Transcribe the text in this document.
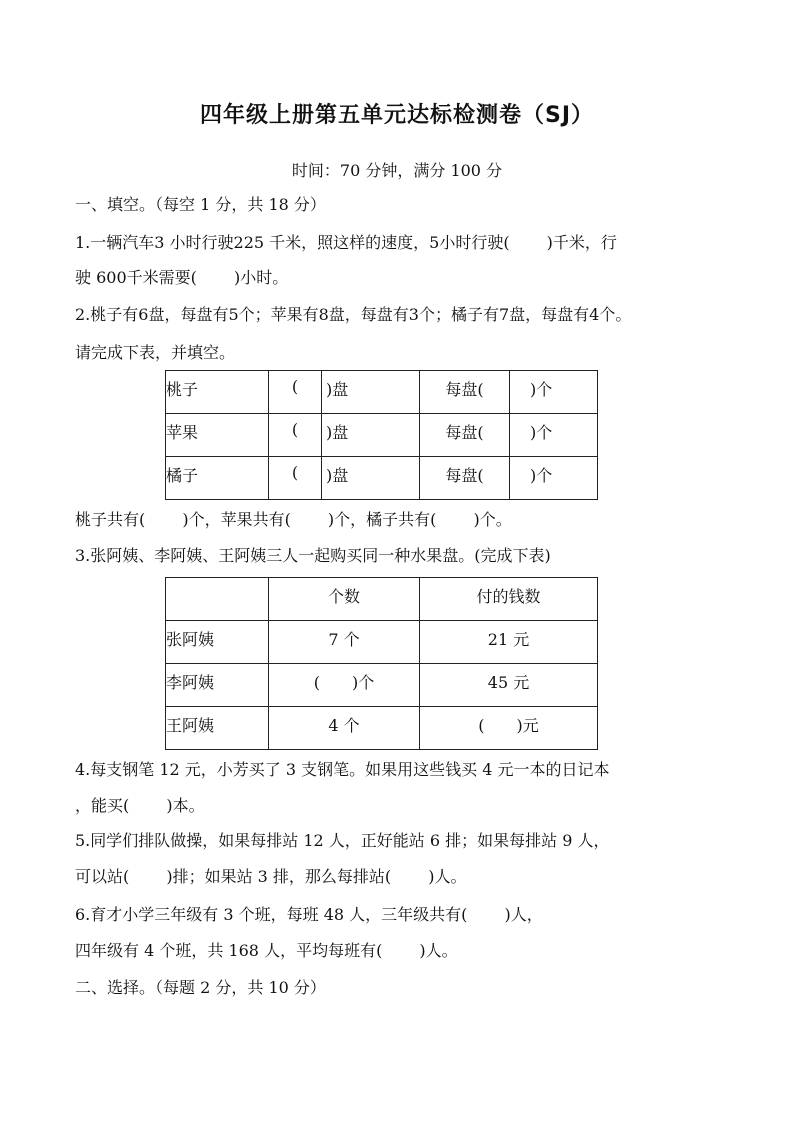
四年级上册第五单元达标检测卷（SJ）
时间：70 分钟，满分 100 分
一、填空。（每空 1 分，共 18 分）
1.一辆汽车3 小时行驶225 千米，照这样的速度，5小时行驶(　　 )千米，行
驶 600千米需要(　　 )小时。
2.桃子有6盘，每盘有5个；苹果有8盘，每盘有3个；橘子有7盘，每盘有4个。
请完成下表，并填空。
桃子	(	)盘	每盘(	)个

苹果	(	)盘	每盘(	)个

橘子	(	)盘	每盘(	)个
桃子共有(　　 )个，苹果共有(　　 )个，橘子共有(　　 )个。
3.张阿姨、李阿姨、王阿姨三人一起购买同一种水果盘。(完成下表)

	个数	付的钱数

张阿姨	7 个	21 元

李阿姨	(　　)个	45 元

王阿姨	4 个	(　　)元
4.每支钢笔 12 元，小芳买了 3 支钢笔。如果用这些钱买 4 元一本的日记本
，能买(　　 )本。
5.同学们排队做操，如果每排站 12 人，正好能站 6 排；如果每排站 9 人，
可以站(　　 )排；如果站 3 排，那么每排站(　　 )人。
6.育才小学三年级有 3 个班，每班 48 人，三年级共有(　　 )人，
四年级有 4 个班，共 168 人，平均每班有(　　 )人。
二、选择。（每题 2 分，共 10 分）
